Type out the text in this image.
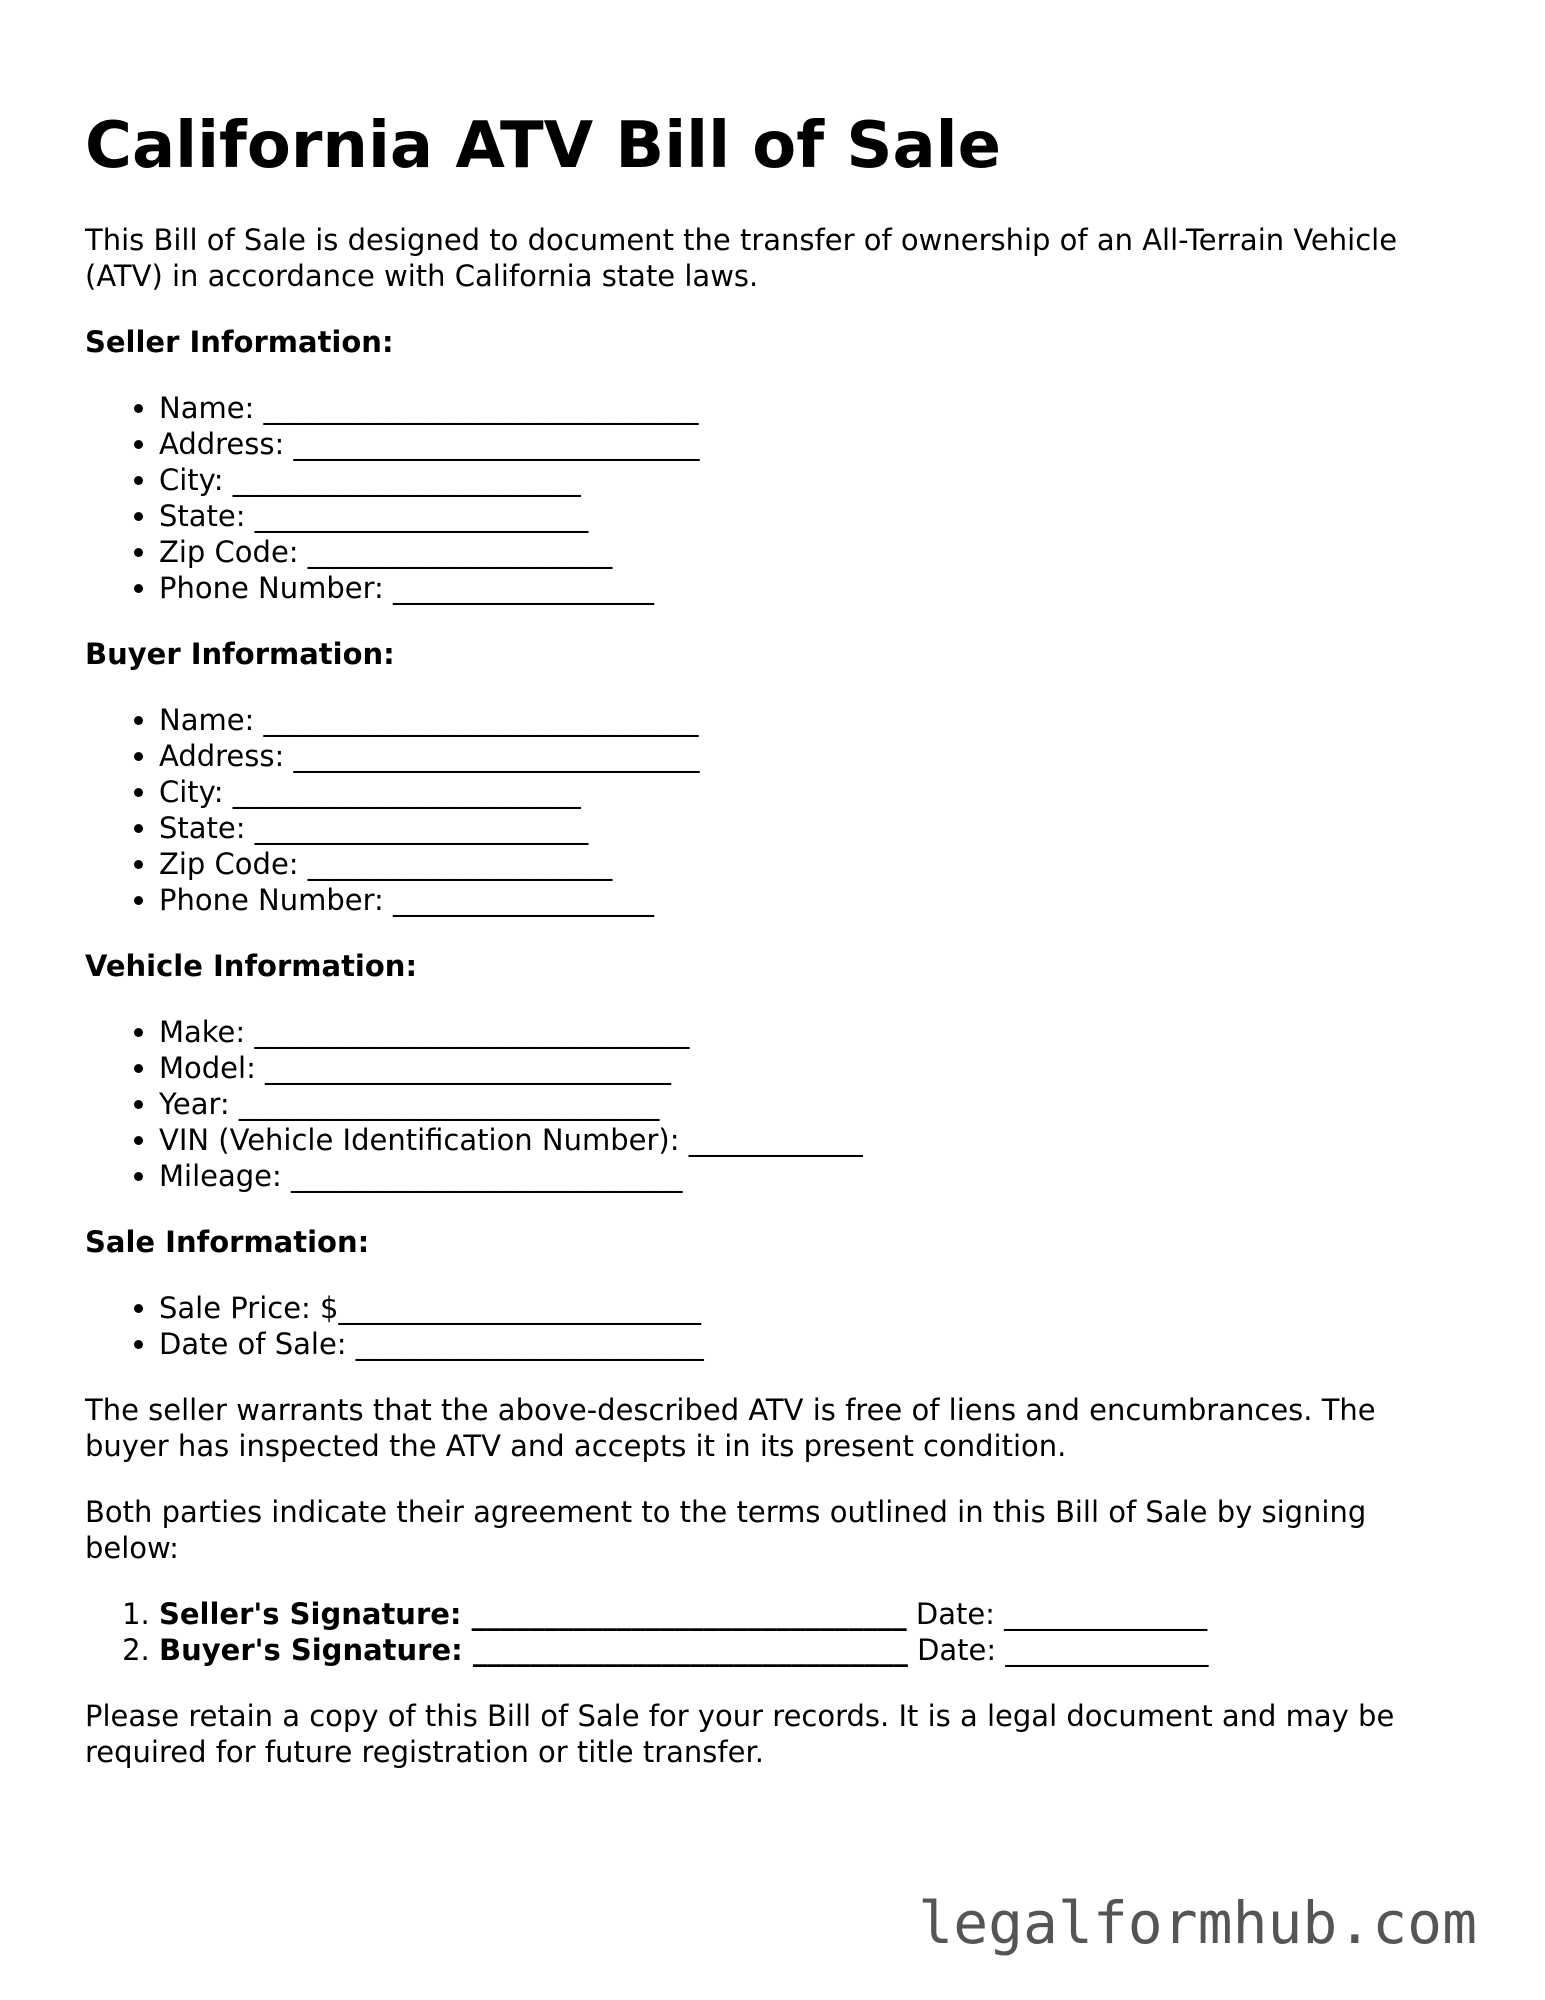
California ATV Bill of Sale

This Bill of Sale is designed to document the transfer of ownership of an All-Terrain Vehicle (ATV) in accordance with California state laws.

Seller Information:
• Name: ______________________________
• Address: ____________________________
• City: ________________________
• State: _______________________
• Zip Code: _____________________
• Phone Number: __________________
Buyer Information:
• Name: ______________________________
• Address: ____________________________
• City: ________________________
• State: _______________________
• Zip Code: _____________________
• Phone Number: __________________
Vehicle Information:
• Make: ______________________________
• Model: ____________________________
• Year: _____________________________
• VIN (Vehicle Identification Number): ____________
• Mileage: ___________________________
Sale Information:
• Sale Price: $_________________________
• Date of Sale: ________________________

The seller warrants that the above-described ATV is free of liens and encumbrances. The buyer has inspected the ATV and accepts it in its present condition.

Both parties indicate their agreement to the terms outlined in this Bill of Sale by signing below:

1. Seller's Signature: ______________________________ Date: ______________
2. Buyer's Signature: ______________________________ Date: ______________

Please retain a copy of this Bill of Sale for your records. It is a legal document and may be required for future registration or title transfer.

legalformhub.com
